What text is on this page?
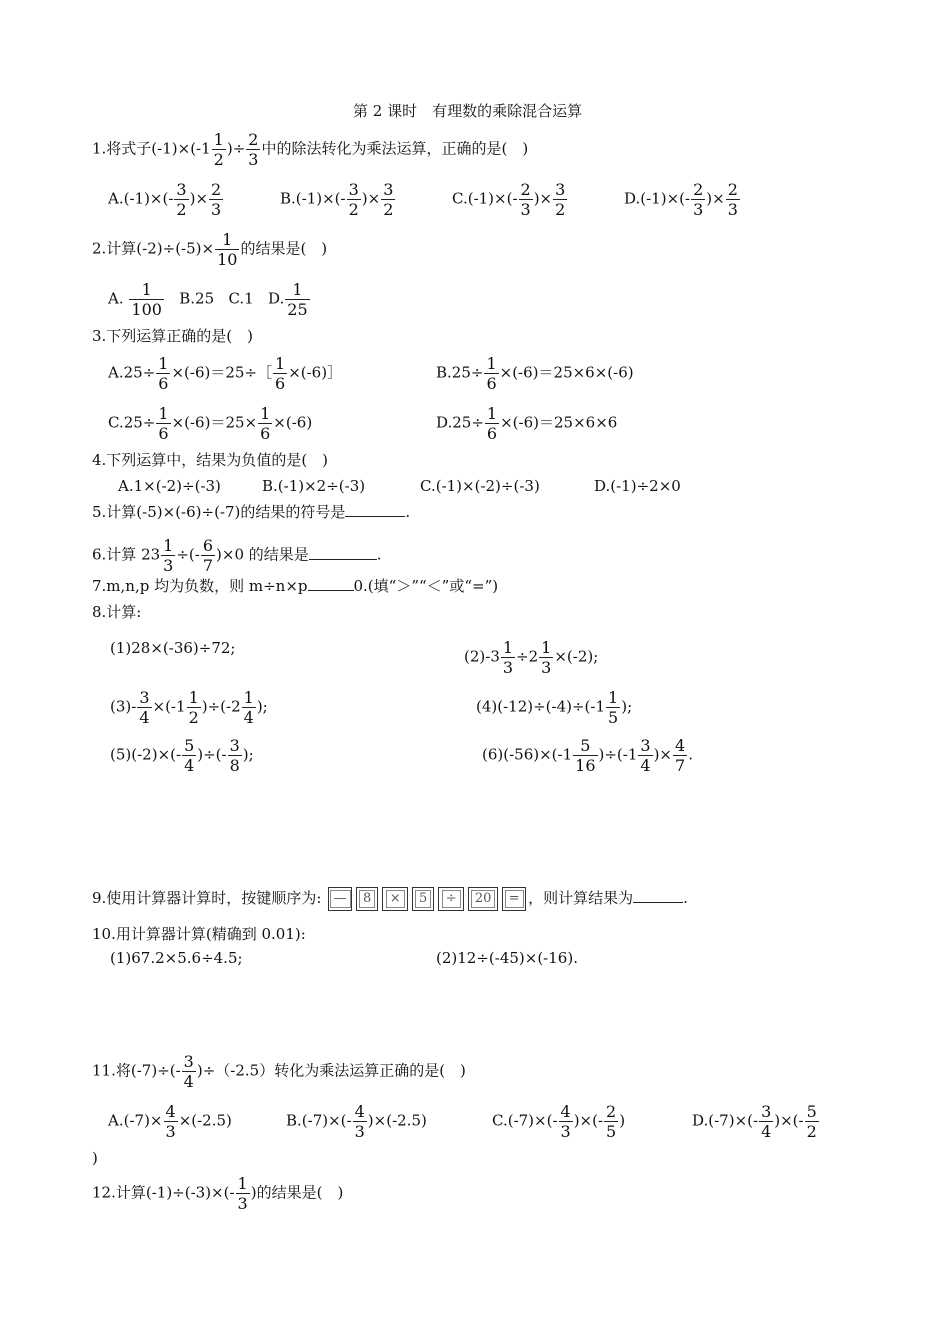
第 2 课时　有理数的乘除混合运算
1.将式子$(-1)\times(-1 \frac{1}{2}$ )÷ $\frac{2}{3}$ 中的除法转化为乘法运算，正确的是(　)
$A.(-1)\times(- \frac{3}{2}$ )× $\frac{2}{3}$	$B.(-1)\times(- \frac{3}{2}$ )× $\frac{3}{2}$	$C.(-1)\times(- \frac{2}{3}$ )× $\frac{3}{2}$	$D.(-1)\times(- \frac{2}{3}$ )× $\frac{2}{3}$
2.计算$(-2)\div(-5)\times \frac{1}{10}$ 的结果是(　)
A. $\frac{1}{100} B.25$ C.1 D. $\frac{1}{25}$
3.下列运算正确的是(　)
$A.25\div \frac{1}{6}$ ×(-6)＝25÷［ $\frac{1}{6}$ ×(-6)］	$B.25\div \frac{1}{6} \times(-6)=25\times 6\times(-6)$
$C.25\div \frac{1}{6} \times(-6)=25\times \frac{1}{6} \times(-6)$	$D.25\div \frac{1}{6} \times(-6)=25\times 6\times 6$
4.下列运算中，结果为负值的是(　)
A.1×(-2)÷(-3)	B.(-1)×2÷(-3)	C.(-1)×(-2)÷(-3)	D.(-1)÷2×0
5.计算(-5)×(-6)÷(-7)的结果的符号是	.
6.计算 $23 \frac{1}{3}$ ÷(- $\frac{6}{7} )\times 0$ 的结果是	.
7.m,n,p 均为负数，则 m÷n×p	0.(填“＞”“＜”或“=”)
8.计算:
(1)28×(-36)÷72;	$(2)-3 \frac{1}{3} \div 2 \frac{1}{3} \times(-2)$;
$(3)- \frac{3}{4} \times(-1 \frac{1}{2} )\div(-2 \frac{1}{4}$ );	$(4)(-12)\div(-4)\div(-1 \frac{1}{5}$ );
$(5)(-2)\times(- \frac{5}{4}$ )÷(- $\frac{3}{8}$ );	$(6)(-56)\times(-1 \frac{5}{16} )\div(-1 \frac{3}{4}$ )× $\frac{4}{7}$ .
9.使用计算器计算时，按键顺序为: — 8 × 5 ÷ 20 = ，则计算结果为	.
10.用计算器计算(精确到 0.01):
(1)67.2×5.6÷4.5;	(2)12÷(-45)×(-16).
11.将$(-7)\div(- \frac{3}{4} )\div(-2.5)$转化为乘法运算正确的是(　)
$A.(-7)\times \frac{4}{3} \times(-2.5)$	$B.(-7)\times(- \frac{4}{3} )\times(-2.5)$	$C.(-7)\times(- \frac{4}{3}$ )×(- $\frac{2}{5}$ )	$D.(-7)\times(- \frac{3}{4}$ )×(- $\frac{5}{2}$
)
12.计算$(-1)\div(-3)\times(- \frac{1}{3}$ )的结果是(　)
